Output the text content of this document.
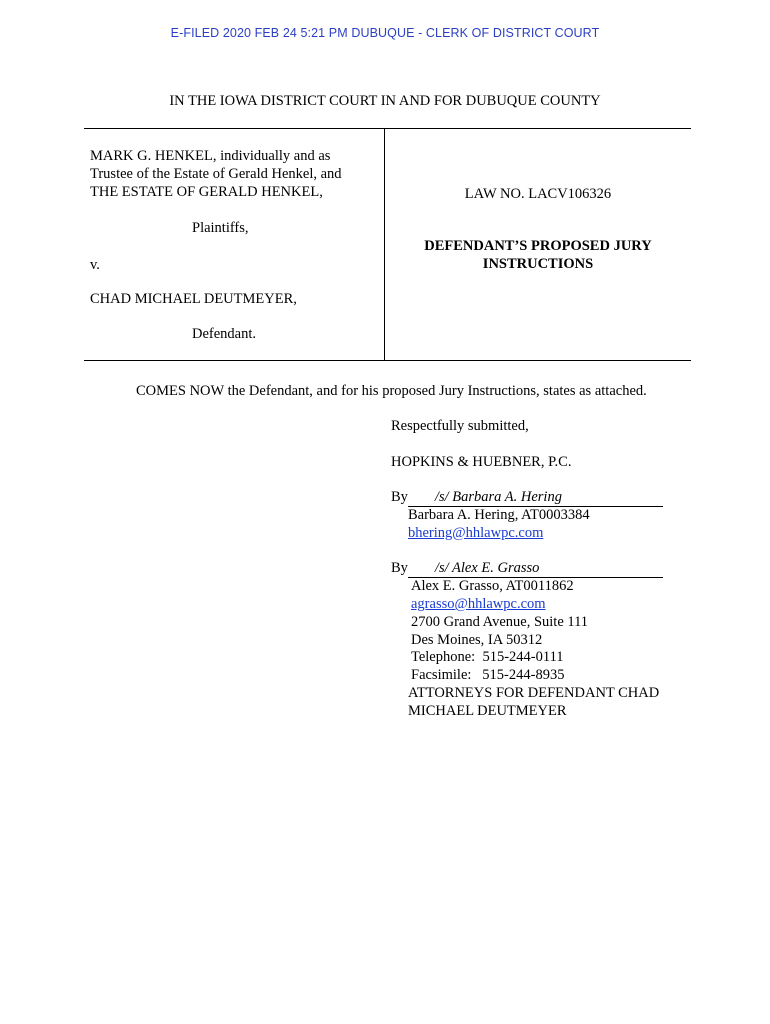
E-FILED 2020 FEB 24 5:21 PM DUBUQUE - CLERK OF DISTRICT COURT
IN THE IOWA DISTRICT COURT IN AND FOR DUBUQUE COUNTY
MARK G. HENKEL, individually and as
Trustee of the Estate of Gerald Henkel, and
THE ESTATE OF GERALD HENKEL,
Plaintiffs,
v.
CHAD MICHAEL DEUTMEYER,
Defendant.
LAW NO. LACV106326
DEFENDANT’S PROPOSED JURY
INSTRUCTIONS
COMES NOW the Defendant, and for his proposed Jury Instructions, states as attached.
Respectfully submitted,
HOPKINS & HUEBNER, P.C.
By /s/ Barbara A. Hering
Barbara A. Hering, AT0003384
bhering@hhlawpc.com
By /s/ Alex E. Grasso
Alex E. Grasso, AT0011862
agrasso@hhlawpc.com
2700 Grand Avenue, Suite 111
Des Moines, IA 50312
Telephone:  515-244-0111
Facsimile:   515-244-8935
ATTORNEYS FOR DEFENDANT CHAD
MICHAEL DEUTMEYER
